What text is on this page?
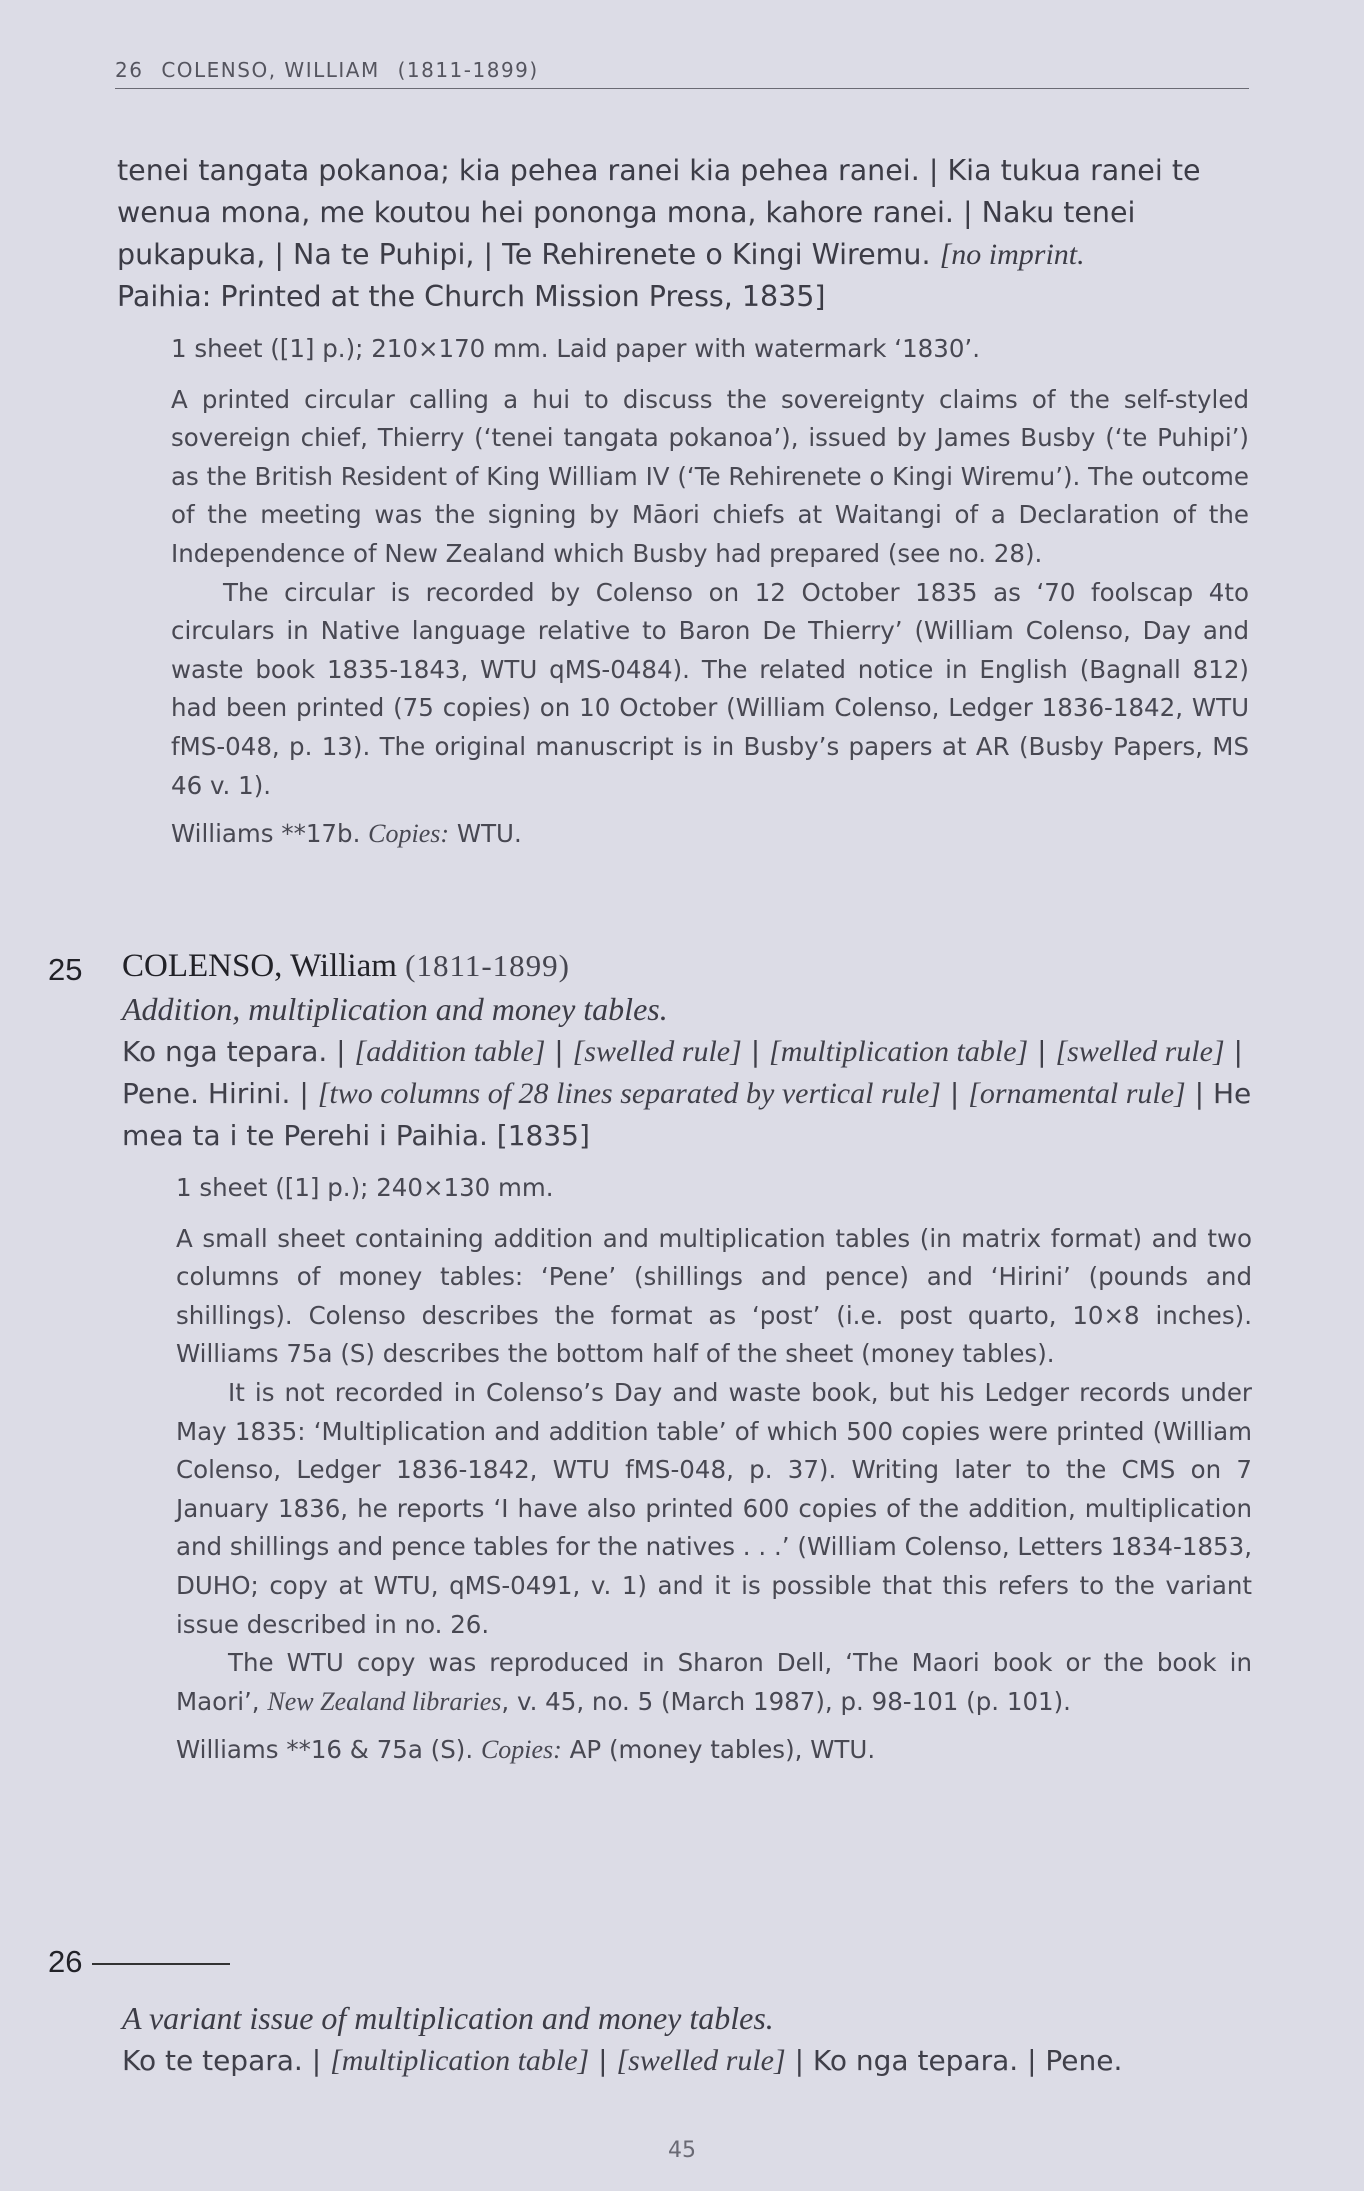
26 COLENSO, WILLIAM (1811-1899)
tenei tangata pokanoa; kia pehea ranei kia pehea ranei. | Kia tukua ranei te
wenua mona, me koutou hei pononga mona, kahore ranei. | Naku tenei
pukapuka, | Na te Puhipi, | Te Rehirenete o Kingi Wiremu. [no imprint.
Paihia: Printed at the Church Mission Press, 1835]

1 sheet ([1] p.); 210×170 mm. Laid paper with watermark ‘1830’.

A printed circular calling a hui to discuss the sovereignty claims of the self-styled sovereign chief, Thierry (‘tenei tangata pokanoa’), issued by James Busby (‘te Puhipi’) as the British Resident of King William IV (‘Te Rehirenete o Kingi Wiremu’). The outcome of the meeting was the signing by Māori chiefs at Waitangi of a Declaration of the Independence of New Zealand which Busby had prepared (see no. 28).

The circular is recorded by Colenso on 12 October 1835 as ‘70 foolscap 4to circulars in Native language relative to Baron De Thierry’ (William Colenso, Day and waste book 1835-1843, WTU qMS-0484). The related notice in English (Bagnall 812) had been printed (75 copies) on 10 October (William Colenso, Ledger 1836-1842, WTU fMS-048, p. 13). The original manuscript is in Busby’s papers at AR (Busby Papers, MS 46 v. 1).

Williams **17b. Copies: WTU.

25 COLENSO, William (1811-1899)
Addition, multiplication and money tables.
Ko nga tepara. | [addition table] | [swelled rule] | [multiplication table] | [swelled rule] | Pene. Hirini. | [two columns of 28 lines separated by vertical rule] | [ornamental rule] | He mea ta i te Perehi i Paihia. [1835]

1 sheet ([1] p.); 240×130 mm.

A small sheet containing addition and multiplication tables (in matrix format) and two columns of money tables: ‘Pene’ (shillings and pence) and ‘Hirini’ (pounds and shillings). Colenso describes the format as ‘post’ (i.e. post quarto, 10×8 inches). Williams 75a (S) describes the bottom half of the sheet (money tables).

It is not recorded in Colenso’s Day and waste book, but his Ledger records under May 1835: ‘Multiplication and addition table’ of which 500 copies were printed (William Colenso, Ledger 1836-1842, WTU fMS-048, p. 37). Writing later to the CMS on 7 January 1836, he reports ‘I have also printed 600 copies of the addition, multiplication and shillings and pence tables for the natives . . .’ (William Colenso, Letters 1834-1853, DUHO; copy at WTU, qMS-0491, v. 1) and it is possible that this refers to the variant issue described in no. 26.

The WTU copy was reproduced in Sharon Dell, ‘The Maori book or the book in Maori’, New Zealand libraries, v. 45, no. 5 (March 1987), p. 98-101 (p. 101).

Williams **16 & 75a (S). Copies: AP (money tables), WTU.

26
A variant issue of multiplication and money tables.
Ko te tepara. | [multiplication table] | [swelled rule] | Ko nga tepara. | Pene.
45
